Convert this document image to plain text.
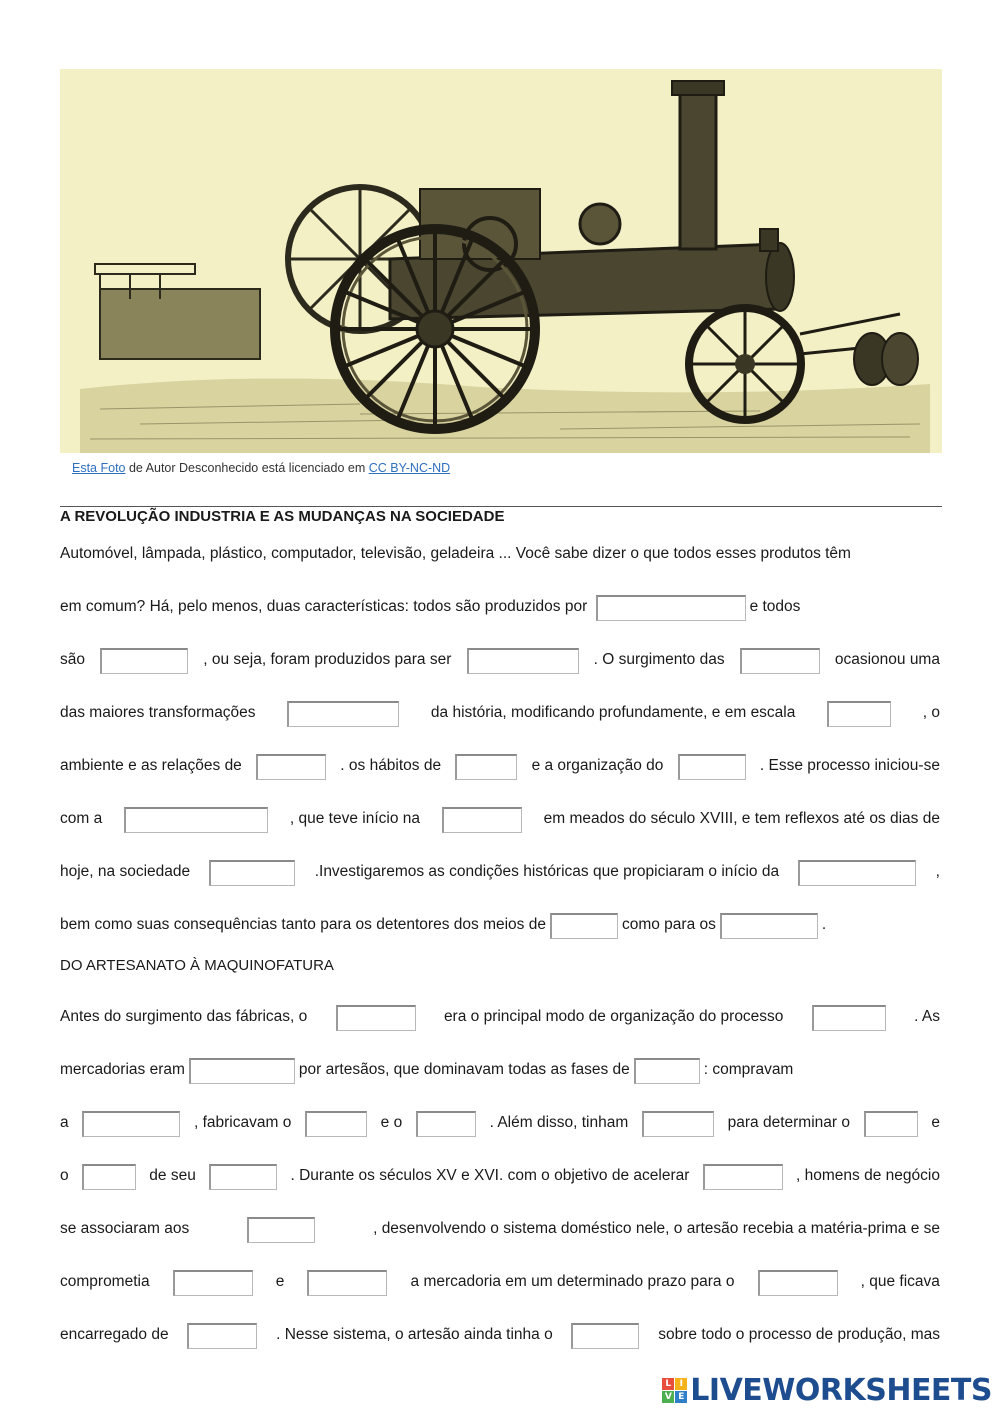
Esta Foto de Autor Desconhecido está licenciado em CC BY-NC-ND
A REVOLUÇÃO INDUSTRIA E AS MUDANÇAS NA SOCIEDADE
Automóvel, lâmpada, plástico, computador, televisão, geladeira ... Você sabe dizer o que todos esses produtos têm
em comum? Há, pelo menos, duas características: todos são produzidos por	e todos
são	, ou seja, foram produzidos para ser	. O surgimento das	ocasionou uma
das maiores transformações	da história, modificando profundamente, e em escala	, o
ambiente e as relações de	. os hábitos de	e a organização do	. Esse processo iniciou-se
com a	, que teve início na	em meados do século XVIII, e tem reflexos até os dias de
hoje, na sociedade	.Investigaremos as condições históricas que propiciaram o início da	,
bem como suas consequências tanto para os detentores dos meios de	como para os	.
DO ARTESANATO À MAQUINOFATURA
Antes do surgimento das fábricas, o	era o principal modo de organização do processo	. As
mercadorias eram	por artesãos, que dominavam todas as fases de	: compravam
a	, fabricavam o	e o	. Além disso, tinham	para determinar o	e
o	de seu	. Durante os séculos XV e XVI. com o objetivo de acelerar	, homens de negócio
se associaram aos	, desenvolvendo o sistema doméstico nele, o artesão recebia a matéria-prima e se
comprometia	e	a mercadoria em um determinado prazo para o	, que ficava
encarregado de	. Nesse sistema, o artesão ainda tinha o	sobre todo o processo de produção, mas
L I
V E LIVEWORKSHEETS
